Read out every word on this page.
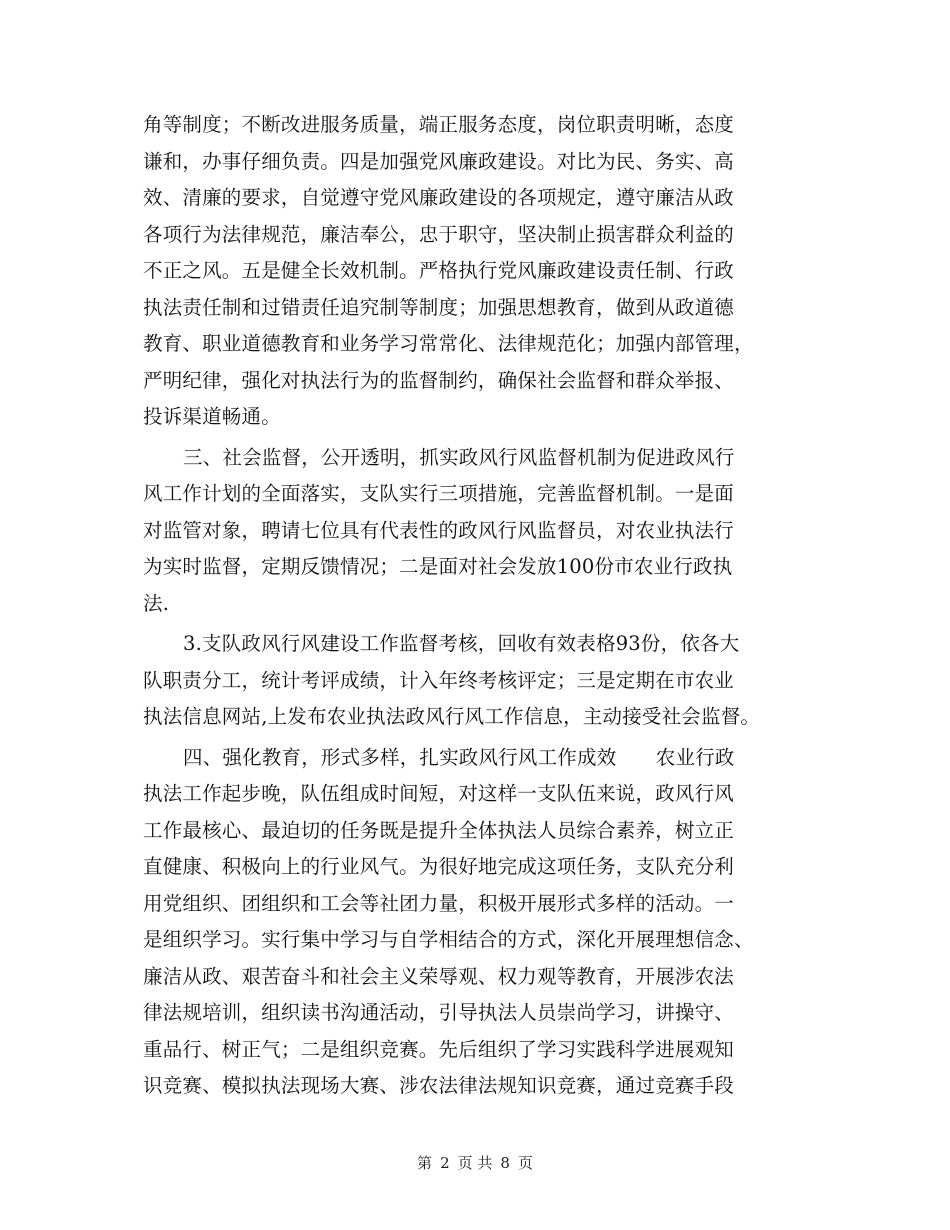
角等制度；不断改进服务质量，端正服务态度，岗位职责明晰，态度
谦和，办事仔细负责。四是加强党风廉政建设。对比为民、务实、高
效、清廉的要求，自觉遵守党风廉政建设的各项规定，遵守廉洁从政
各项行为法律规范，廉洁奉公，忠于职守，坚决制止损害群众利益的
不正之风。五是健全长效机制。严格执行党风廉政建设责任制、行政
执法责任制和过错责任追究制等制度；加强思想教育，做到从政道德
教育、职业道德教育和业务学习常常化、法律规范化；加强内部管理，
严明纪律，强化对执法行为的监督制约，确保社会监督和群众举报、
投诉渠道畅通。
三、社会监督，公开透明，抓实政风行风监督机制为促进政风行
风工作计划的全面落实，支队实行三项措施，完善监督机制。一是面
对监管对象，聘请七位具有代表性的政风行风监督员，对农业执法行
为实时监督，定期反馈情况；二是面对社会发放100份市农业行政执
法.
3.支队政风行风建设工作监督考核，回收有效表格93份，依各大
队职责分工，统计考评成绩，计入年终考核评定；三是定期在市农业
执法信息网站,上发布农业执法政风行风工作信息，主动接受社会监督。
四、强化教育，形式多样，扎实政风行风工作成效　　农业行政
执法工作起步晚，队伍组成时间短，对这样一支队伍来说，政风行风
工作最核心、最迫切的任务既是提升全体执法人员综合素养，树立正
直健康、积极向上的行业风气。为很好地完成这项任务，支队充分利
用党组织、团组织和工会等社团力量，积极开展形式多样的活动。一
是组织学习。实行集中学习与自学相结合的方式，深化开展理想信念、
廉洁从政、艰苦奋斗和社会主义荣辱观、权力观等教育，开展涉农法
律法规培训，组织读书沟通活动，引导执法人员崇尚学习，讲操守、
重品行、树正气；二是组织竞赛。先后组织了学习实践科学进展观知
识竞赛、模拟执法现场大赛、涉农法律法规知识竞赛，通过竞赛手段
第 2 页 共 8 页
